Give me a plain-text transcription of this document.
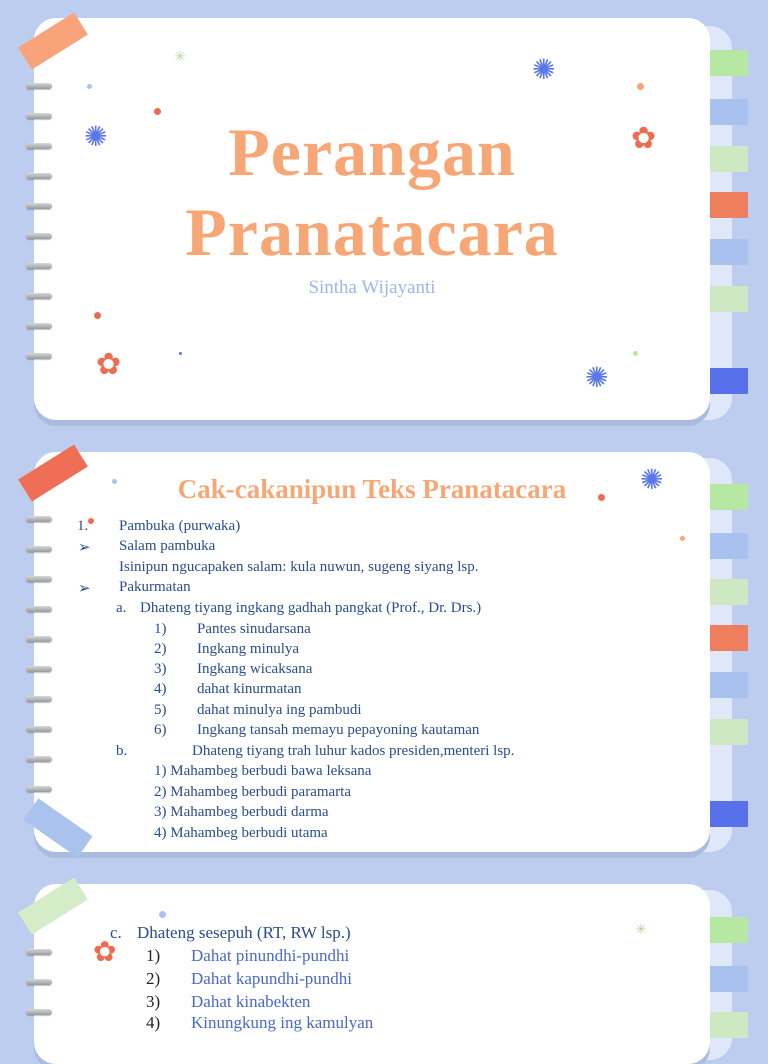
✺
✺
✺
✿
✿
✳
Perangan
Pranatacara
Sintha Wijayanti
✺
Cak-cakanipun Teks Pranatacara
1. Pambuka (purwaka)
➢ Salam pambuka
Isinipun ngucapaken salam: kula nuwun, sugeng siyang lsp.
➢ Pakurmatan
a. Dhateng tiyang ingkang gadhah pangkat (Prof., Dr. Drs.)
1) Pantes sinudarsana
2) Ingkang minulya
3) Ingkang wicaksana
4) dahat kinurmatan
5) dahat minulya ing pambudi
6) Ingkang tansah memayu pepayoning kautaman
b.	Dhateng tiyang trah luhur kados presiden,menteri lsp.
1) Mahambeg berbudi bawa leksana
2) Mahambeg berbudi paramarta
3) Mahambeg berbudi darma
4) Mahambeg berbudi utama
✿
✳
c. Dhateng sesepuh (RT, RW lsp.)
1) Dahat pinundhi-pundhi
2) Dahat kapundhi-pundhi
3) Dahat kinabekten
4) Kinungkung ing kamulyan
